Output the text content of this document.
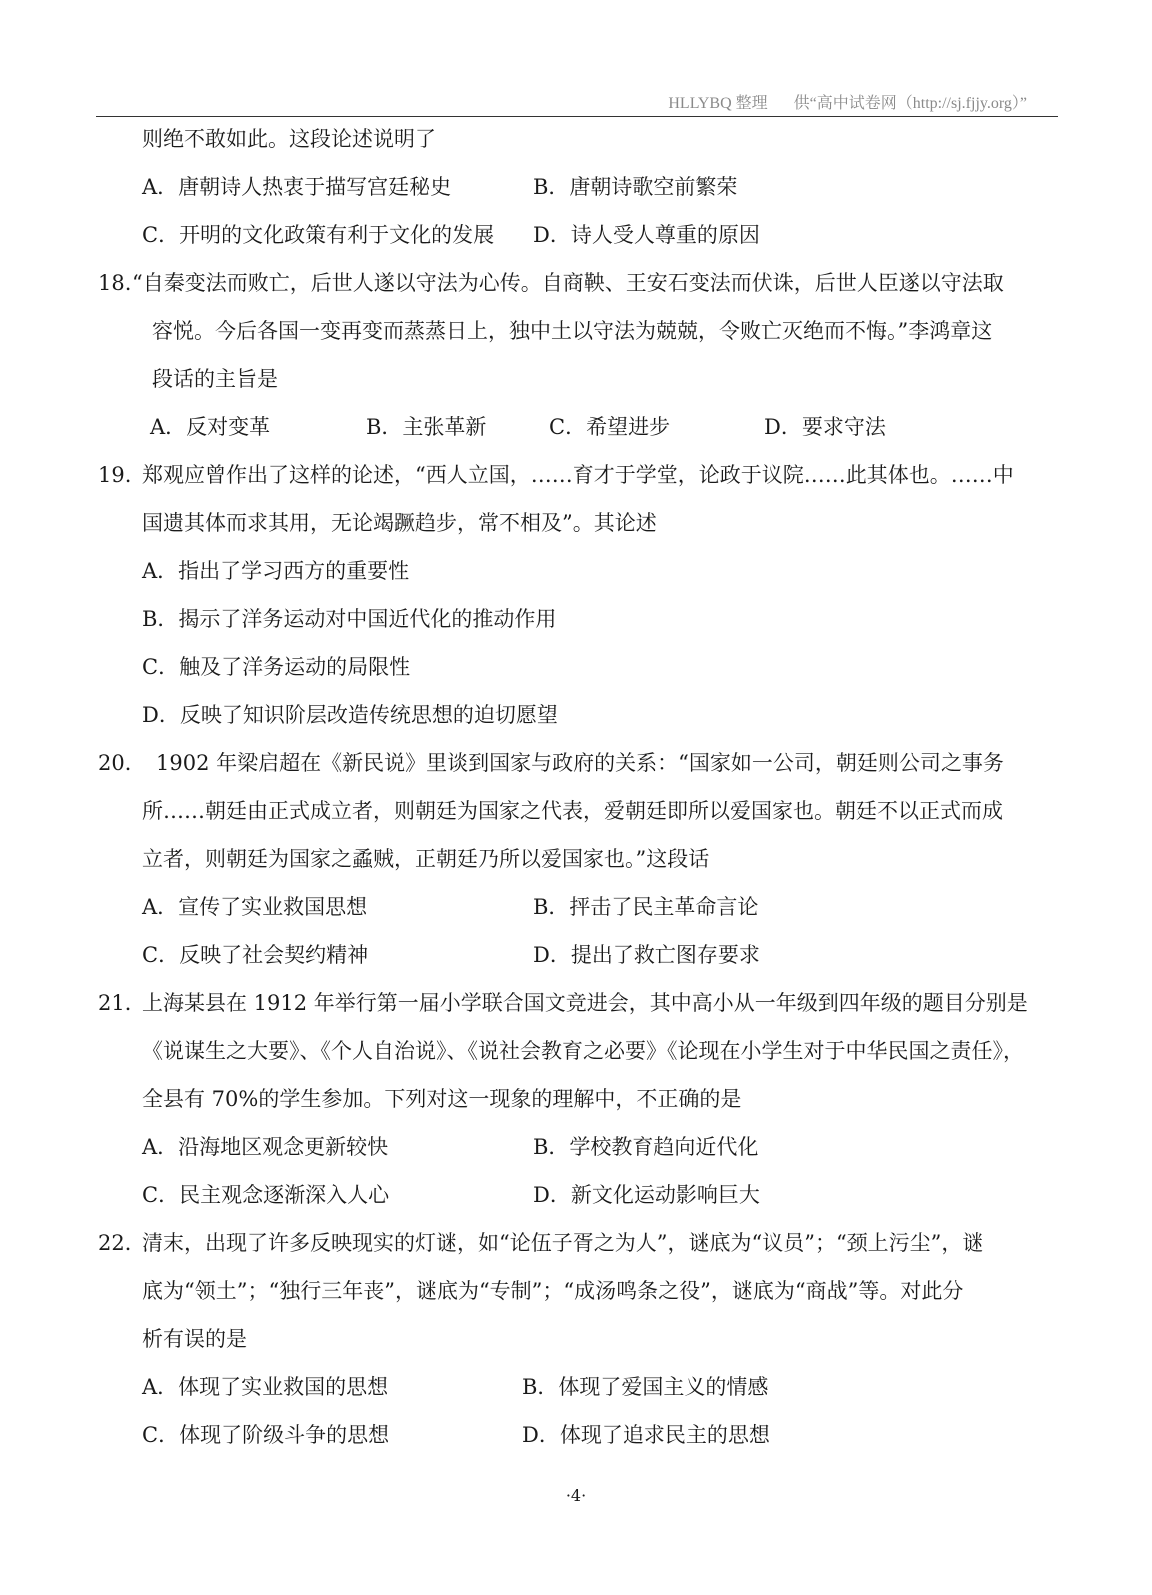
HLLYBQ 整理 供“高中试卷网（http://sj.fjjy.org）”
则绝不敢如此。这段论述说明了
A．唐朝诗人热衷于描写宫廷秘史	B．唐朝诗歌空前繁荣
C．开明的文化政策有利于文化的发展 D．诗人受人尊重的原因
18. “自秦变法而败亡，后世人遂以守法为心传。自商鞅、王安石变法而伏诛，后世人臣遂以守法取
容悦。今后各国一变再变而蒸蒸日上，独中土以守法为兢兢，令败亡灭绝而不悔。”李鸿章这
段话的主旨是
A．反对变革	B．主张革新	C．希望进步	D．要求守法
19. 郑观应曾作出了这样的论述，“西人立国，……育才于学堂，论政于议院……此其体也。……中
国遗其体而求其用，无论竭蹶趋步，常不相及”。其论述
A．指出了学习西方的重要性
B．揭示了洋务运动对中国近代化的推动作用
C．触及了洋务运动的局限性
D．反映了知识阶层改造传统思想的迫切愿望
20． 1902 年梁启超在《新民说》里谈到国家与政府的关系：“国家如一公司，朝廷则公司之事务
所……朝廷由正式成立者，则朝廷为国家之代表，爱朝廷即所以爱国家也。朝廷不以正式而成
立者，则朝廷为国家之蟊贼，正朝廷乃所以爱国家也。”这段话
A．宣传了实业救国思想	B．抨击了民主革命言论
C．反映了社会契约精神	D．提出了救亡图存要求
21．
上海某县在 1912 年举行第一届小学联合国文竞进会，其中高小从一年级到四年级的题目分别是
《说谋生之大要》、《个人自治说》、《说社会教育之必要》《论现在小学生对于中华民国之责任》，
全县有 70%的学生参加。下列对这一现象的理解中，不正确的是
A．沿海地区观念更新较快	B．学校教育趋向近代化
C．民主观念逐渐深入人心	D．新文化运动影响巨大
22．
清末，出现了许多反映现实的灯谜，如“论伍子胥之为人”，谜底为“议员”；“颈上污尘”，谜
底为“领土”；“独行三年丧”，谜底为“专制”；“成汤鸣条之役”，谜底为“商战”等。对此分
析有误的是
A．体现了实业救国的思想	B．体现了爱国主义的情感
C．体现了阶级斗争的思想	D．体现了追求民主的思想
·4·
